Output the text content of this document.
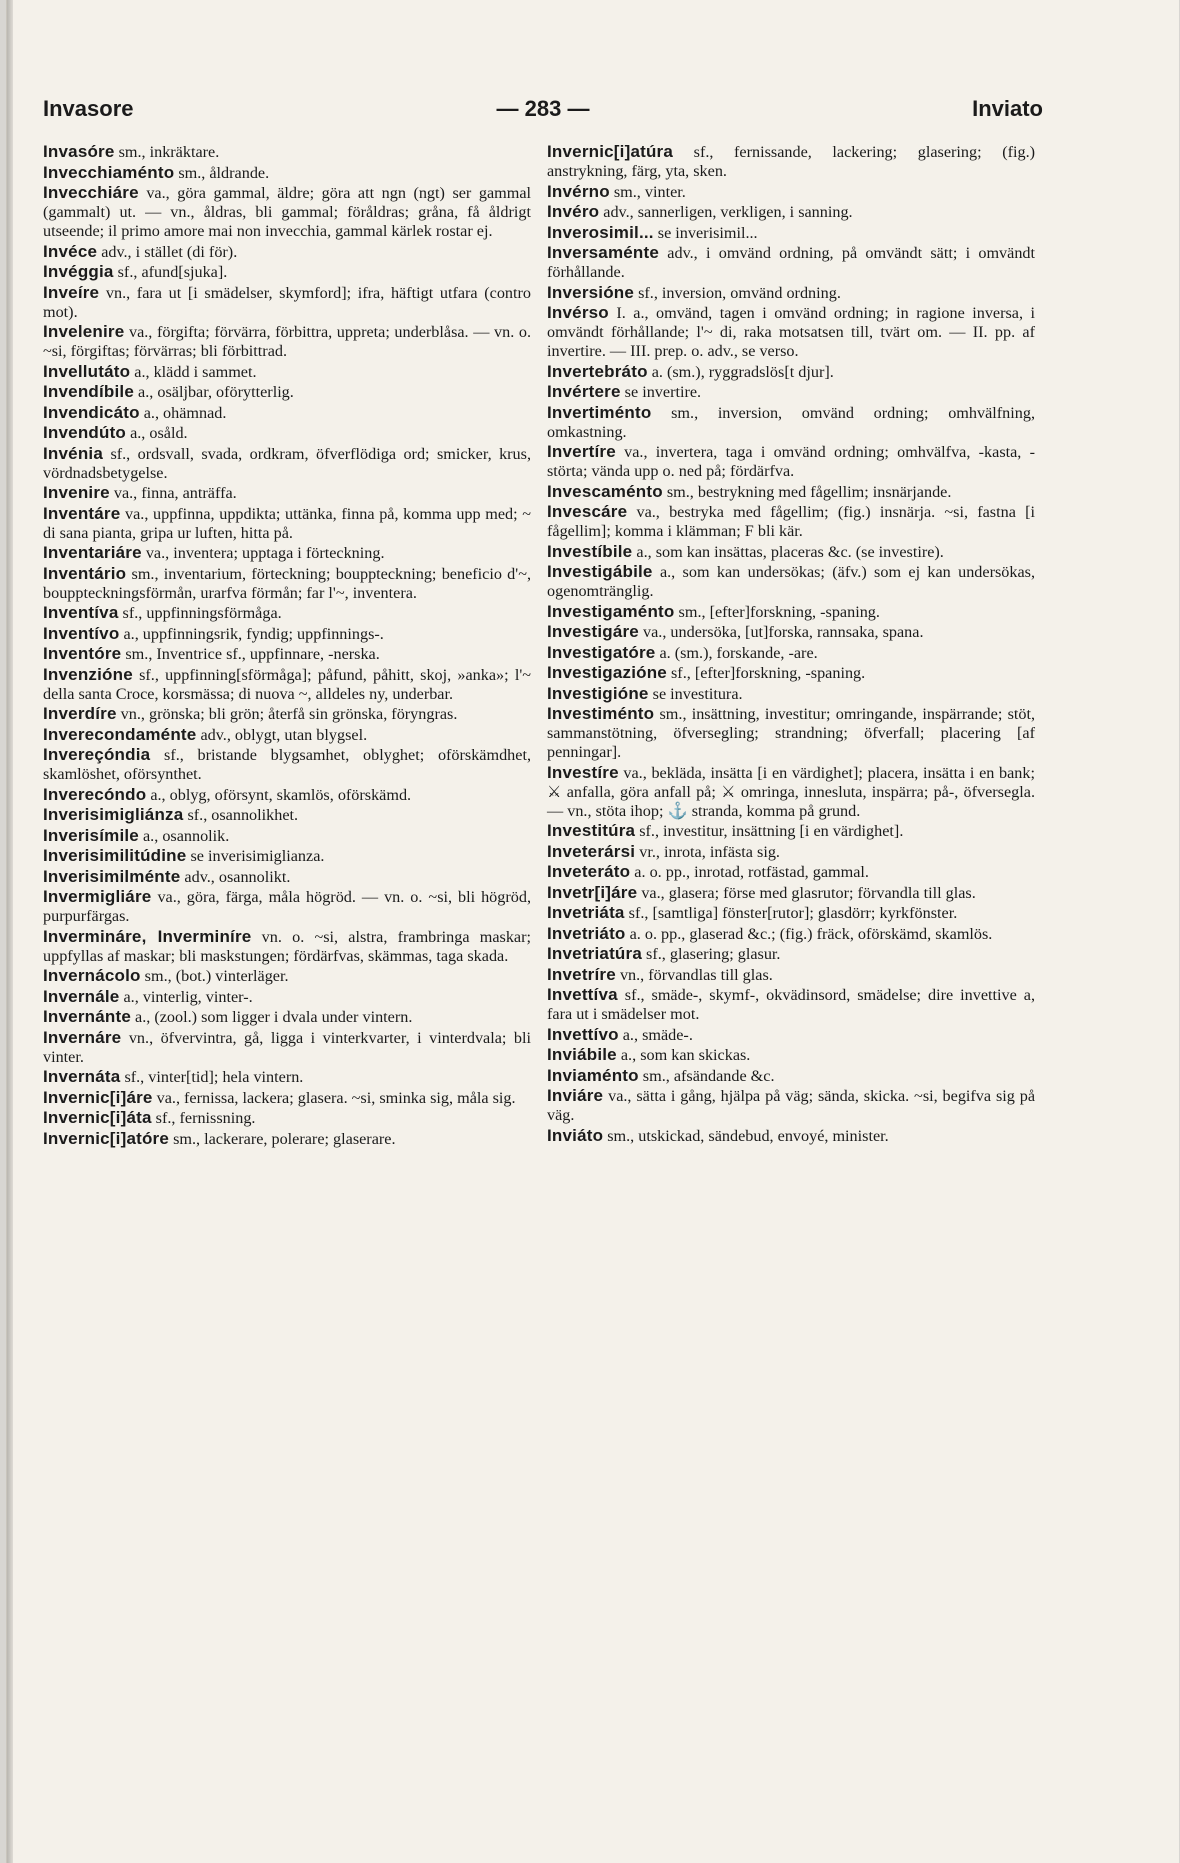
Invasore	— 283 —	Inviato

Invasóre sm., inkräktare.

Invecchiaménto sm., åldrande.

Invecchiáre va., göra gammal, äldre; göra att ngn (ngt) ser gammal (gammalt) ut. — vn., åldras, bli gammal; föråldras; gråna, få åldrigt utseende; il primo amore mai non invecchia, gammal kärlek rostar ej.

Invéce adv., i stället (di för).

Invéggia sf., afund[sjuka].

Inveíre vn., fara ut [i smädelser, skymford]; ifra, häftigt utfara (contro mot).

Invelenire va., förgifta; förvärra, förbittra, uppreta; underblåsa. — vn. o. ~si, förgiftas; förvärras; bli förbittrad.

Invellutáto a., klädd i sammet.

Invendíbile a., osäljbar, oförytterlig.

Invendicáto a., ohämnad.

Invendúto a., osåld.

Invénia sf., ordsvall, svada, ordkram, öfverflödiga ord; smicker, krus, vördnadsbetygelse.

Invenire va., finna, anträffa.

Inventáre va., uppfinna, uppdikta; uttänka, finna på, komma upp med; ~ di sana pianta, gripa ur luften, hitta på.

Inventariáre va., inventera; upptaga i förteckning.

Inventário sm., inventarium, förteckning; bouppteckning; beneficio d'~, bouppteckningsförmån, urarfva förmån; far l'~, inventera.

Inventíva sf., uppfinningsförmåga.

Inventívo a., uppfinningsrik, fyndig; uppfinnings-.

Inventóre sm., Inventrice sf., uppfinnare, -nerska.

Invenzióne sf., uppfinning[sförmåga]; påfund, påhitt, skoj, »anka»; l'~ della santa Croce, korsmässa; di nuova ~, alldeles ny, underbar.

Inverdíre vn., grönska; bli grön; återfå sin grönska, föryngras.

Inverecondaménte adv., oblygt, utan blygsel.

Invereçóndia sf., bristande blygsamhet, oblyghet; oförskämdhet, skamlöshet, oförsynthet.

Inverecóndo a., oblyg, oförsynt, skamlös, oförskämd.

Inverisimigliánza sf., osannolikhet.

Inverisímile a., osannolik.

Inverisimilitúdine se inverisimiglianza.

Inverisimilménte adv., osannolikt.

Invermigliáre va., göra, färga, måla högröd. — vn. o. ~si, bli högröd, purpurfärgas.

Invermináre, Inverminíre vn. o. ~si, alstra, frambringa maskar; uppfyllas af maskar; bli maskstungen; fördärfvas, skämmas, taga skada.

Invernácolo sm., (bot.) vinterläger.

Invernále a., vinterlig, vinter-.

Invernánte a., (zool.) som ligger i dvala under vintern.

Invernáre vn., öfvervintra, gå, ligga i vinterkvarter, i vinterdvala; bli vinter.

Invernáta sf., vinter[tid]; hela vintern.

Invernic[i]áre va., fernissa, lackera; glasera. ~si, sminka sig, måla sig.

Invernic[i]áta sf., fernissning.

Invernic[i]atóre sm., lackerare, polerare; glaserare.

Invernic[i]atúra sf., fernissande, lackering; glasering; (fig.) anstrykning, färg, yta, sken.

Invérno sm., vinter.

Invéro adv., sannerligen, verkligen, i sanning.

Inverosimil... se inverisimil...

Inversaménte adv., i omvänd ordning, på omvändt sätt; i omvändt förhållande.

Inversióne sf., inversion, omvänd ordning.

Invérso I. a., omvänd, tagen i omvänd ordning; in ragione inversa, i omvändt förhållande; l'~ di, raka motsatsen till, tvärt om. — II. pp. af invertire. — III. prep. o. adv., se verso.

Invertebráto a. (sm.), ryggradslös[t djur].

Invértere se invertire.

Invertiménto sm., inversion, omvänd ordning; omhvälfning, omkastning.

Invertíre va., invertera, taga i omvänd ordning; omhvälfva, -kasta, -störta; vända upp o. ned på; fördärfva.

Invescaménto sm., bestrykning med fågellim; insnärjande.

Invescáre va., bestryka med fågellim; (fig.) insnärja. ~si, fastna [i fågellim]; komma i klämman; F bli kär.

Investíbile a., som kan insättas, placeras &c. (se investire).

Investigábile a., som kan undersökas; (äfv.) som ej kan undersökas, ogenomtränglig.

Investigaménto sm., [efter]forskning, -spaning.

Investigáre va., undersöka, [ut]forska, rannsaka, spana.

Investigatóre a. (sm.), forskande, -are.

Investigazióne sf., [efter]forskning, -spaning.

Investigióne se investitura.

Investiménto sm., insättning, investitur; omringande, inspärrande; stöt, sammanstötning, öfversegling; strandning; öfverfall; placering [af penningar].

Investíre va., bekläda, insätta [i en värdighet]; placera, insätta i en bank; ⚔ anfalla, göra anfall på; ⚔ omringa, innesluta, inspärra; på-, öfversegla. — vn., stöta ihop; ⚓ stranda, komma på grund.

Investitúra sf., investitur, insättning [i en värdighet].

Inveterársi vr., inrota, infästa sig.

Inveteráto a. o. pp., inrotad, rotfästad, gammal.

Invetr[i]áre va., glasera; förse med glasrutor; förvandla till glas.

Invetriáta sf., [samtliga] fönster[rutor]; glasdörr; kyrkfönster.

Invetriáto a. o. pp., glaserad &c.; (fig.) fräck, oförskämd, skamlös.

Invetriatúra sf., glasering; glasur.

Invetríre vn., förvandlas till glas.

Invettíva sf., smäde-, skymf-, okvädinsord, smädelse; dire invettive a, fara ut i smädelser mot.

Invettívo a., smäde-.

Inviábile a., som kan skickas.

Inviaménto sm., afsändande &c.

Inviáre va., sätta i gång, hjälpa på väg; sända, skicka. ~si, begifva sig på väg.

Inviáto sm., utskickad, sändebud, envoyé, minister.
